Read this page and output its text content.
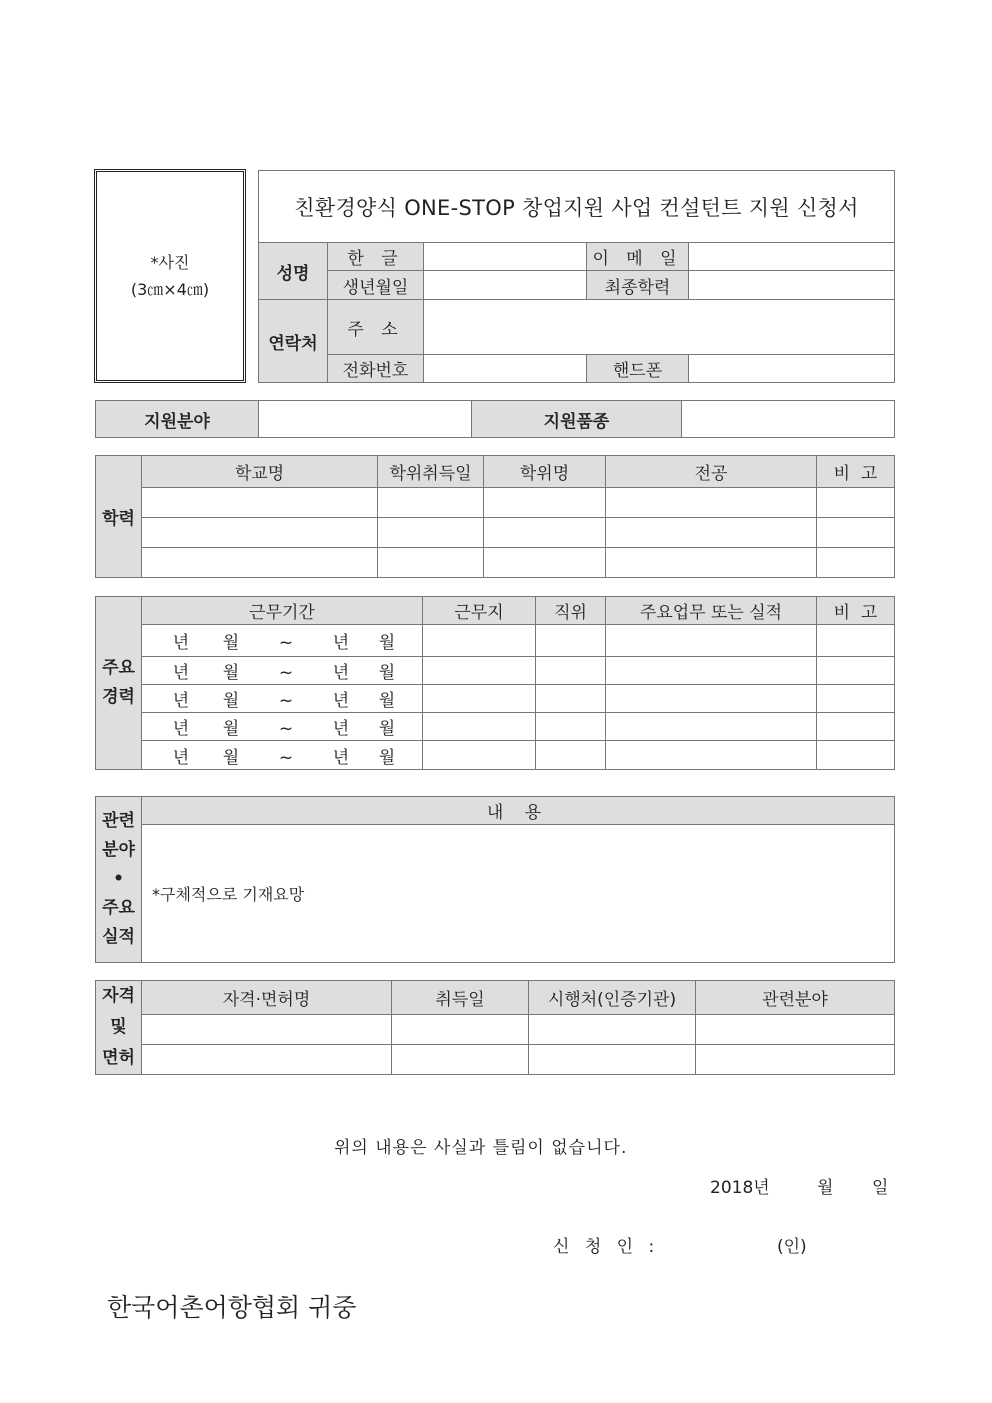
*사진
(3㎝×4㎝)
친환경양식 ONE-STOP 창업지원 사업 컨설턴트 지원 신청서				
성명	한 글		이 메 일	
	생년월일		최종학력	
연락처	주 소			
	전화번호		핸드폰	
지원분야		지원품종	
학력	학교명	학위취득일	학위명	전공	비  고

주요
경력	근무기간	근무지	직위	주요업무 또는 실적	비  고
	년 월 ~ 년 월				
	년 월 ~ 년 월				
	년 월 ~ 년 월				
	년 월 ~ 년 월				
	년 월 ~ 년 월				
관련
분야
•
주요
실적
	내 용
*구체적으로 기재요망
자격
및
면허	자격·면허명	취득일	시행처(인증기관)	관련분야

위의 내용은 사실과 틀림이 없습니다.
2018년	월 일
신 청 인 :	(인)
한국어촌어항협회 귀중
